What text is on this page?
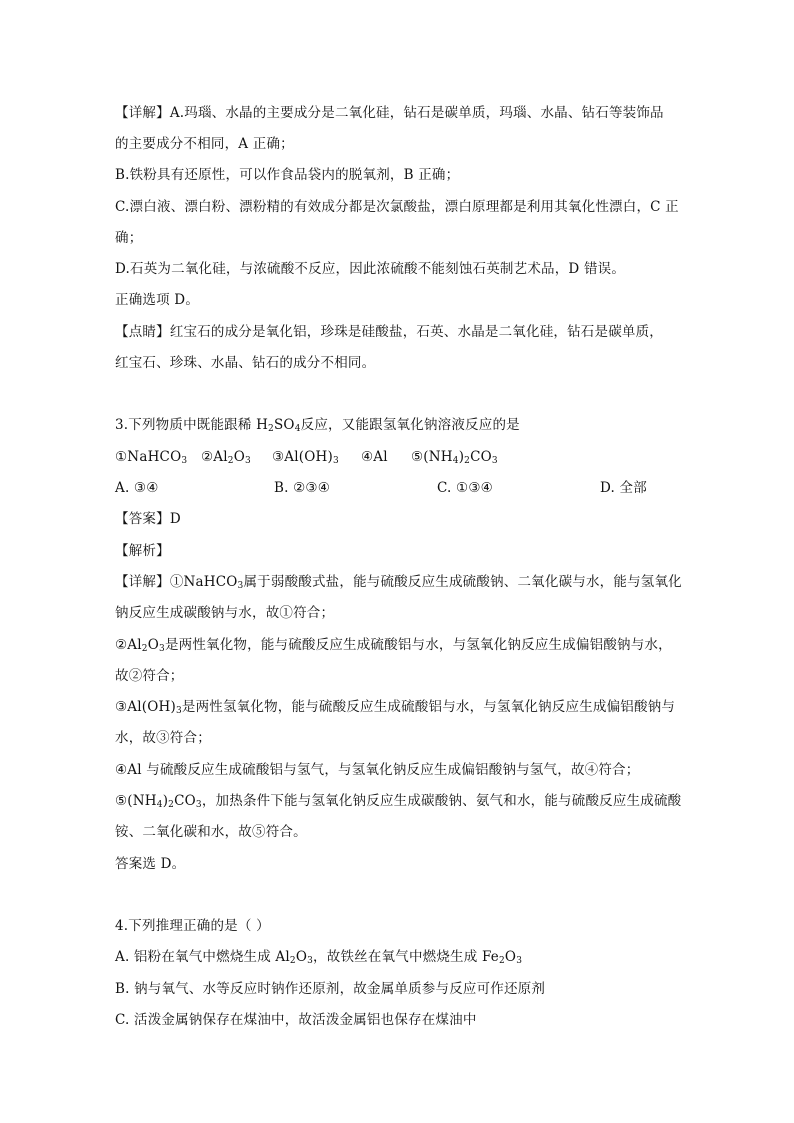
【详解】A.玛瑙、水晶的主要成分是二氧化硅，钻石是碳单质，玛瑙、水晶、钻石等装饰品
的主要成分不相同，A 正确；
B.铁粉具有还原性，可以作食品袋内的脱氧剂，B 正确；
C.漂白液、漂白粉、漂粉精的有效成分都是次氯酸盐，漂白原理都是利用其氧化性漂白，C 正
确；
D.石英为二氧化硅，与浓硫酸不反应，因此浓硫酸不能刻蚀石英制艺术品，D 错误。
正确选项 D。
【点睛】红宝石的成分是氧化铝，珍珠是硅酸盐，石英、水晶是二氧化硅，钻石是碳单质，
红宝石、珍珠、水晶、钻石的成分不相同。
3.下列物质中既能跟稀 $H_2SO_4$反应，又能跟氢氧化钠溶液反应的是
①NaHCO$_3$ $②Al_2O_3$ $③Al(OH)_3$ ④Al $⑤(NH_4)_2CO_3$
A. ③④	B. ②③④	C. ①③④	D. 全部
【答案】D
【解析】
【详解】①NaHCO$_3$属于弱酸酸式盐，能与硫酸反应生成硫酸钠、二氧化碳与水，能与氢氧化
钠反应生成碳酸钠与水，故①符合；
$②Al_2O_3$是两性氧化物，能与硫酸反应生成硫酸铝与水，与氢氧化钠反应生成偏铝酸钠与水，
故②符合；
$③Al(OH)_3$是两性氢氧化物，能与硫酸反应生成硫酸铝与水，与氢氧化钠反应生成偏铝酸钠与
水，故③符合；
④Al 与硫酸反应生成硫酸铝与氢气，与氢氧化钠反应生成偏铝酸钠与氢气，故④符合；
$⑤(NH_4)_2CO_3$，加热条件下能与氢氧化钠反应生成碳酸钠、氨气和水，能与硫酸反应生成硫酸
铵、二氧化碳和水，故⑤符合。
答案选 D。
4.下列推理正确的是（ ）
A. 铝粉在氧气中燃烧生成 $Al_2O_3$，故铁丝在氧气中燃烧生成 $Fe_2O_3$
B. 钠与氧气、水等反应时钠作还原剂，故金属单质参与反应可作还原剂
C. 活泼金属钠保存在煤油中，故活泼金属铝也保存在煤油中
